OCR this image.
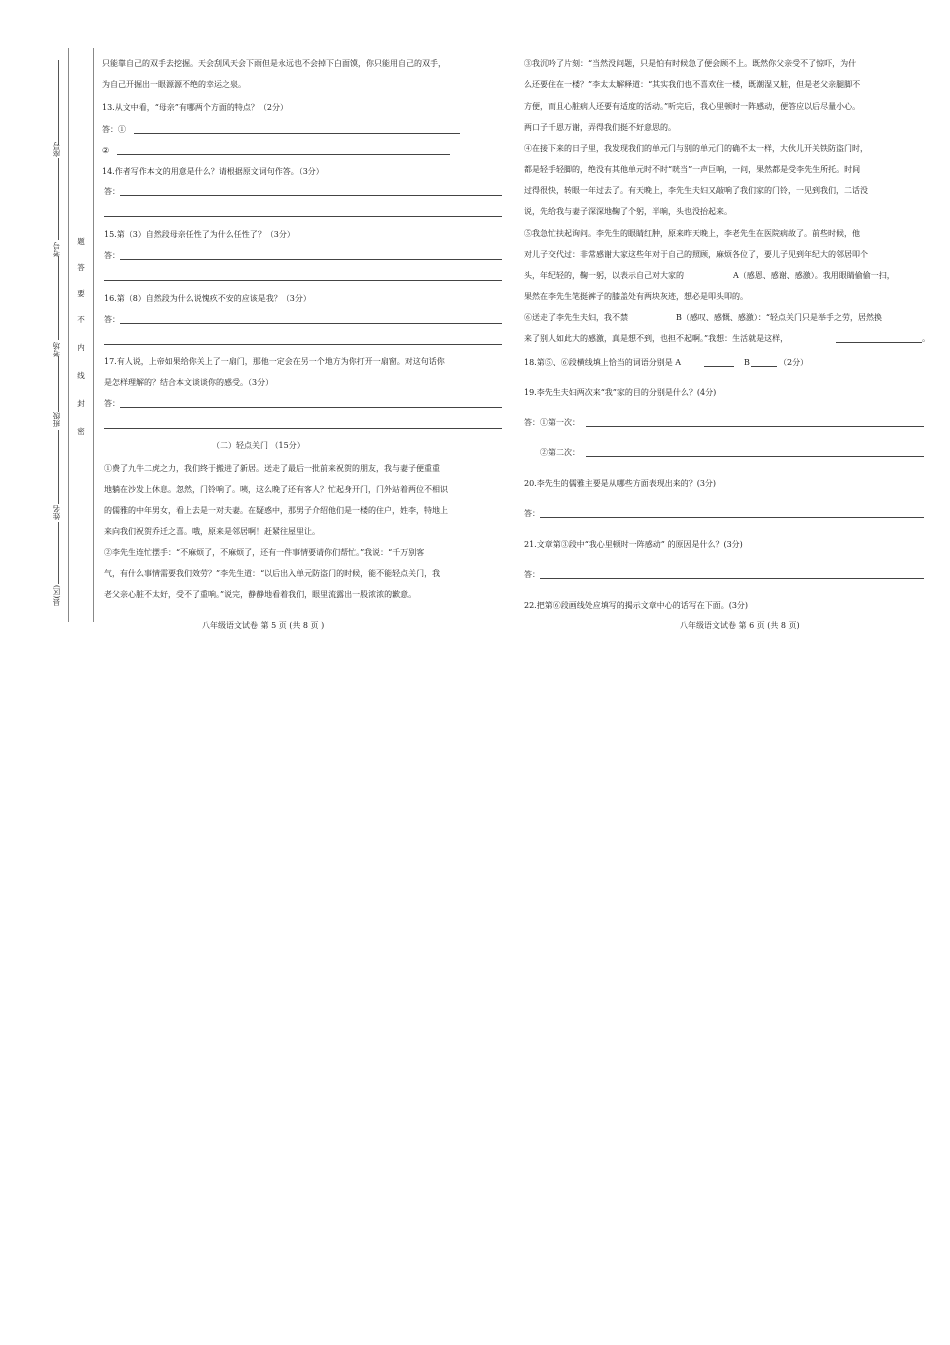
座号
考号
考场
班级
姓名
县(区)
题
答
要
不
内
线
封
密
只能靠自己的双手去挖掘。天会刮风天会下雨但是永远也不会掉下白面馍，你只能用自己的双手，
为自己开掘出一眼源源不绝的幸运之泉。
13.从文中看，“母亲”有哪两个方面的特点？（2分）
答：①
②
14.作者写作本文的用意是什么？请根据原文词句作答。（3分）
答：
15.第（3）自然段母亲任性了为什么任性了？（3分）
答：
16.第（8）自然段为什么说愧疚不安的应该是我？（3分）
答：
17.有人说，上帝如果给你关上了一扇门，那他一定会在另一个地方为你打开一扇窗。对这句话你
是怎样理解的？结合本文谈谈你的感受。（3分）
答：
（二）轻点关门 （15分）
①费了九牛二虎之力，我们终于搬进了新居。送走了最后一批前来祝贺的朋友，我与妻子便重重
地躺在沙发上休息。忽然，门铃响了。咦，这么晚了还有客人？忙起身开门，门外站着两位不相识
的儒雅的中年男女，看上去是一对夫妻。在疑惑中，那男子介绍他们是一楼的住户，姓李，特地上
来向我们祝贺乔迁之喜。哦，原来是邻居啊！赶紧往屋里让。
②李先生连忙摆手：“不麻烦了，不麻烦了，还有一件事情要请你们帮忙。”我说：“千万别客
气，有什么事情需要我们效劳？”李先生道：“以后出入单元防盗门的时候，能不能轻点关门，我
老父亲心脏不太好，受不了重响。”说完，静静地看着我们，眼里流露出一股浓浓的歉意。
八年级语文试卷 第 5 页 (共 8 页 )
③我沉吟了片刻：“当然没问题，只是怕有时候急了便会顾不上。既然你父亲受不了惊吓，为什
么还要住在一楼？”李太太解释道：“其实我们也不喜欢住一楼，既潮湿又脏，但是老父亲腿脚不
方便，而且心脏病人还要有适度的活动。”听完后，我心里顿时一阵感动，便答应以后尽量小心。
两口子千恩万谢，弄得我们挺不好意思的。
④在接下来的日子里，我发现我们的单元门与别的单元门的确不太一样，大伙儿开关铁防盗门时，
都是轻手轻脚的，绝没有其他单元时不时“咣当”一声巨响，一问，果然都是受李先生所托。时间
过得很快，转眼一年过去了。有天晚上，李先生夫妇又敲响了我们家的门铃，一见到我们，二话没
说，先给我与妻子深深地鞠了个躬，半晌，头也没抬起来。
⑤我急忙扶起询问。李先生的眼睛红肿，原来昨天晚上，李老先生在医院病故了。前些时候，他
对儿子交代过：非常感谢大家这些年对于自己的照顾，麻烦各位了，要儿子见到年纪大的邻居叩个
头，年纪轻的，鞠一躬，以表示自己对大家的	A（感恩、感谢、感激）。我用眼睛偷偷一扫，
果然在李先生笔挺裤子的膝盖处有两块灰迹，想必是叩头叩的。
⑥送走了李先生夫妇，我不禁	B（感叹、感慨、感激）：“轻点关门只是举手之劳，居然换
来了别人如此大的感激，真是想不到，也担不起啊。”我想：生活就是这样，	。
18.第⑤、⑥段横线填上恰当的词语分别是 A	B	（2分）
19.李先生夫妇两次来“我”家的目的分别是什么？(4分)
答：①第一次：
②第二次：
20.李先生的儒雅主要是从哪些方面表现出来的？(3分)
答：
21.文章第③段中“我心里顿时一阵感动” 的原因是什么？(3分)
答：
22.把第⑥段画线处应填写的揭示文章中心的话写在下面。(3分)
八年级语文试卷 第 6 页 (共 8 页)
